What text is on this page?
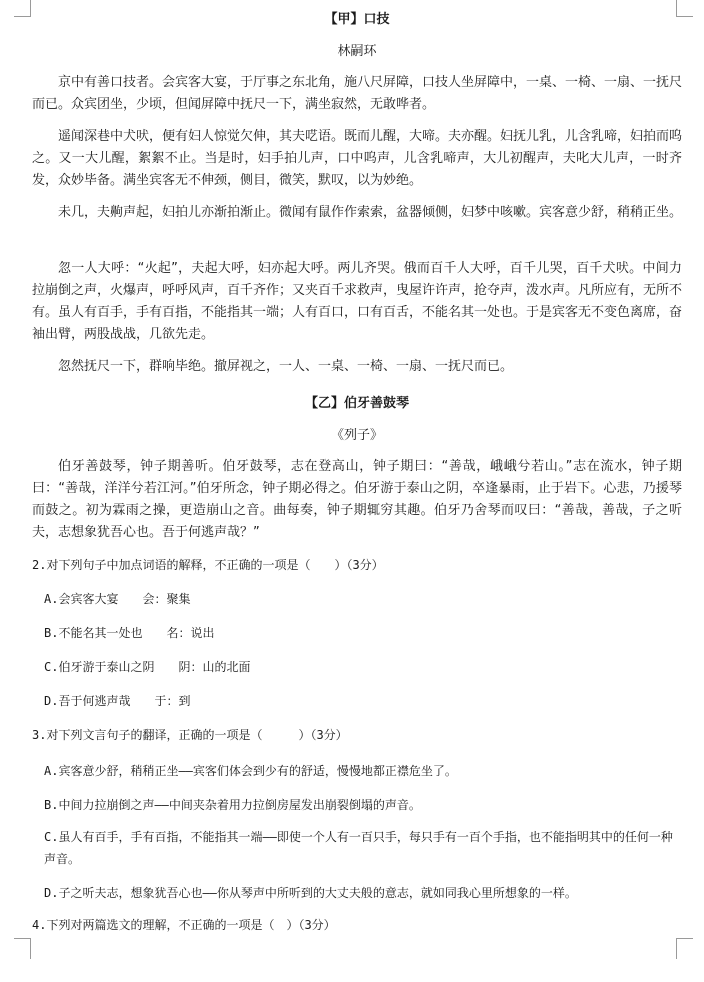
【甲】口技
林嗣环
京中有善口技者。会宾客大宴，于厅事之东北角，施八尺屏障，口技人坐屏障中，一桌、一椅、一扇、一抚尺而已。众宾团坐，少顷，但闻屏障中抚尺一下，满坐寂然，无敢哗者。
遥闻深巷中犬吠，便有妇人惊觉欠伸，其夫呓语。既而儿醒，大啼。夫亦醒。妇抚儿乳，儿含乳啼，妇拍而呜之。又一大儿醒，絮絮不止。当是时，妇手拍儿声，口中呜声，儿含乳啼声，大儿初醒声，夫叱大儿声，一时齐发，众妙毕备。满坐宾客无不伸颈，侧目，微笑，默叹，以为妙绝。
未几，夫齁声起，妇拍儿亦渐拍渐止。微闻有鼠作作索索，盆器倾侧，妇梦中咳嗽。宾客意少舒，稍稍正坐。
忽一人大呼：“火起”，夫起大呼，妇亦起大呼。两儿齐哭。俄而百千人大呼，百千儿哭，百千犬吠。中间力拉崩倒之声，火爆声，呼呼风声，百千齐作；又夹百千求救声，曳屋许许声，抢夺声，泼水声。凡所应有，无所不有。虽人有百手，手有百指，不能指其一端；人有百口，口有百舌，不能名其一处也。于是宾客无不变色离席，奋袖出臂，两股战战，几欲先走。
忽然抚尺一下，群响毕绝。撤屏视之，一人、一桌、一椅、一扇、一抚尺而已。
【乙】伯牙善鼓琴
《列子》
伯牙善鼓琴，钟子期善听。伯牙鼓琴，志在登高山，钟子期曰：“善哉，峨峨兮若山。”志在流水，钟子期曰：“善哉，洋洋兮若江河。”伯牙所念，钟子期必得之。伯牙游于泰山之阴，卒逢暴雨，止于岩下。心悲，乃援琴而鼓之。初为霖雨之操，更造崩山之音。曲每奏，钟子期辄穷其趣。伯牙乃舍琴而叹曰：“善哉，善哉，子之听夫，志想象犹吾心也。吾于何逃声哉？”
2.对下列句子中加点词语的解释，不正确的一项是（　　）（3分）
A.会宾客大宴　　会：聚集
B.不能名其一处也　　名：说出
C.伯牙游于泰山之阴　　阴：山的北面
D.吾于何逃声哉　　于：到
3.对下列文言句子的翻译，正确的一项是（　　　）（3分）
A.宾客意少舒，稍稍正坐——宾客们体会到少有的舒适，慢慢地都正襟危坐了。
B.中间力拉崩倒之声——中间夹杂着用力拉倒房屋发出崩裂倒塌的声音。
C.虽人有百手，手有百指，不能指其一端——即使一个人有一百只手，每只手有一百个手指，也不能指明其中的任何一种声音。
D.子之听夫志，想象犹吾心也——你从琴声中所听到的大丈夫般的意志，就如同我心里所想象的一样。
4.下列对两篇选文的理解，不正确的一项是（　）（3分）
